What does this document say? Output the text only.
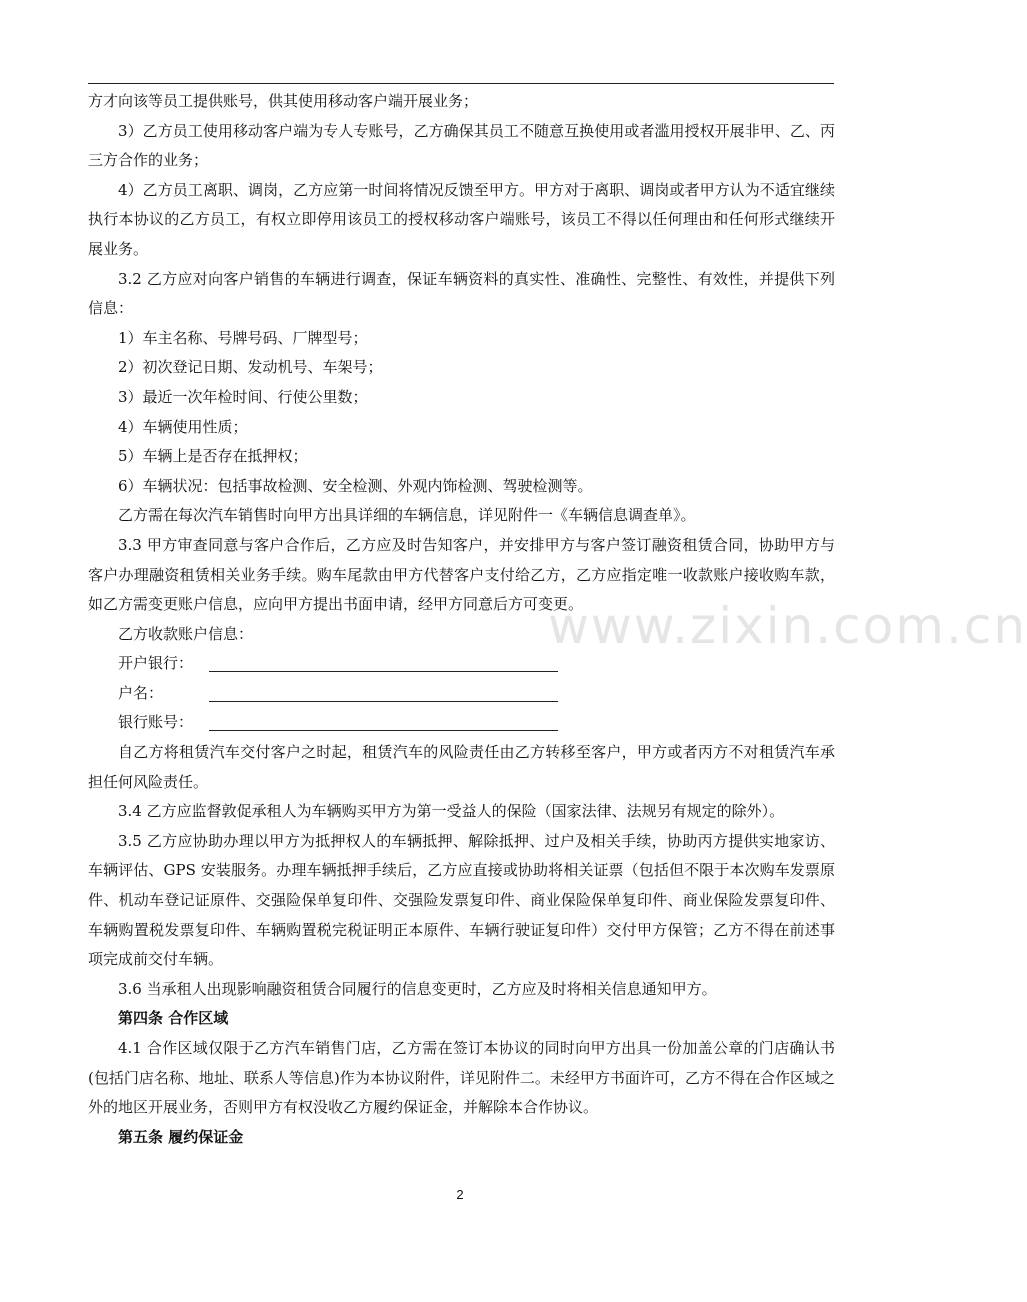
www.zixin.com.cn

方才向该等员工提供账号，供其使用移动客户端开展业务；

3）乙方员工使用移动客户端为专人专账号，乙方确保其员工不随意互换使用或者滥用授权开展非甲、乙、丙三方合作的业务；

4）乙方员工离职、调岗，乙方应第一时间将情况反馈至甲方。甲方对于离职、调岗或者甲方认为不适宜继续执行本协议的乙方员工，有权立即停用该员工的授权移动客户端账号，该员工不得以任何理由和任何形式继续开展业务。

3.2 乙方应对向客户销售的车辆进行调查，保证车辆资料的真实性、准确性、完整性、有效性，并提供下列信息：

1）车主名称、号牌号码、厂牌型号；

2）初次登记日期、发动机号、车架号；

3）最近一次年检时间、行使公里数；

4）车辆使用性质；

5）车辆上是否存在抵押权；

6）车辆状况：包括事故检测、安全检测、外观内饰检测、驾驶检测等。

乙方需在每次汽车销售时向甲方出具详细的车辆信息，详见附件一《车辆信息调查单》。

3.3 甲方审查同意与客户合作后，乙方应及时告知客户，并安排甲方与客户签订融资租赁合同，协助甲方与客户办理融资租赁相关业务手续。购车尾款由甲方代替客户支付给乙方，乙方应指定唯一收款账户接收购车款，如乙方需变更账户信息，应向甲方提出书面申请，经甲方同意后方可变更。

乙方收款账户信息：

开户银行：
户名：
银行账号：

自乙方将租赁汽车交付客户之时起，租赁汽车的风险责任由乙方转移至客户，甲方或者丙方不对租赁汽车承担任何风险责任。

3.4 乙方应监督敦促承租人为车辆购买甲方为第一受益人的保险（国家法律、法规另有规定的除外）。

3.5 乙方应协助办理以甲方为抵押权人的车辆抵押、解除抵押、过户及相关手续，协助丙方提供实地家访、车辆评估、GPS 安装服务。办理车辆抵押手续后，乙方应直接或协助将相关证票（包括但不限于本次购车发票原件、机动车登记证原件、交强险保单复印件、交强险发票复印件、商业保险保单复印件、商业保险发票复印件、车辆购置税发票复印件、车辆购置税完税证明正本原件、车辆行驶证复印件）交付甲方保管；乙方不得在前述事项完成前交付车辆。

3.6 当承租人出现影响融资租赁合同履行的信息变更时，乙方应及时将相关信息通知甲方。

第四条 合作区域

4.1 合作区域仅限于乙方汽车销售门店，乙方需在签订本协议的同时向甲方出具一份加盖公章的门店确认书(包括门店名称、地址、联系人等信息)作为本协议附件，详见附件二。未经甲方书面许可，乙方不得在合作区域之外的地区开展业务，否则甲方有权没收乙方履约保证金，并解除本合作协议。

第五条 履约保证金

2
